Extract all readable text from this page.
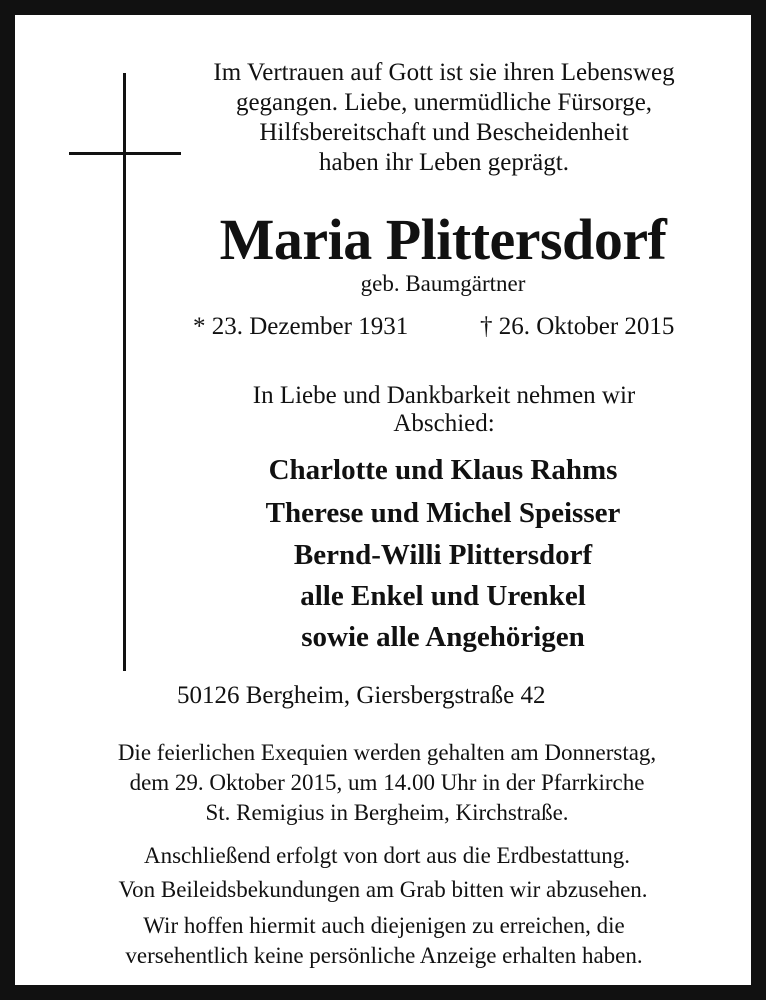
Im Vertrauen auf Gott ist sie ihren Lebensweg
gegangen. Liebe, unermüdliche Fürsorge,
Hilfsbereitschaft und Bescheidenheit
haben ihr Leben geprägt.
Maria Plittersdorf
geb. Baumgärtner
* 23. Dezember 1931	† 26. Oktober 2015
In Liebe und Dankbarkeit nehmen wir
Abschied:
Charlotte und Klaus Rahms
Therese und Michel Speisser
Bernd-Willi Plittersdorf
alle Enkel und Urenkel
sowie alle Angehörigen
50126 Bergheim, Giersbergstraße 42
Die feierlichen Exequien werden gehalten am Donnerstag,
dem 29. Oktober 2015, um 14.00 Uhr in der Pfarrkirche
St. Remigius in Bergheim, Kirchstraße.
Anschließend erfolgt von dort aus die Erdbestattung.
Von Beileidsbekundungen am Grab bitten wir abzusehen.
Wir hoffen hiermit auch diejenigen zu erreichen, die
versehentlich keine persönliche Anzeige erhalten haben.
